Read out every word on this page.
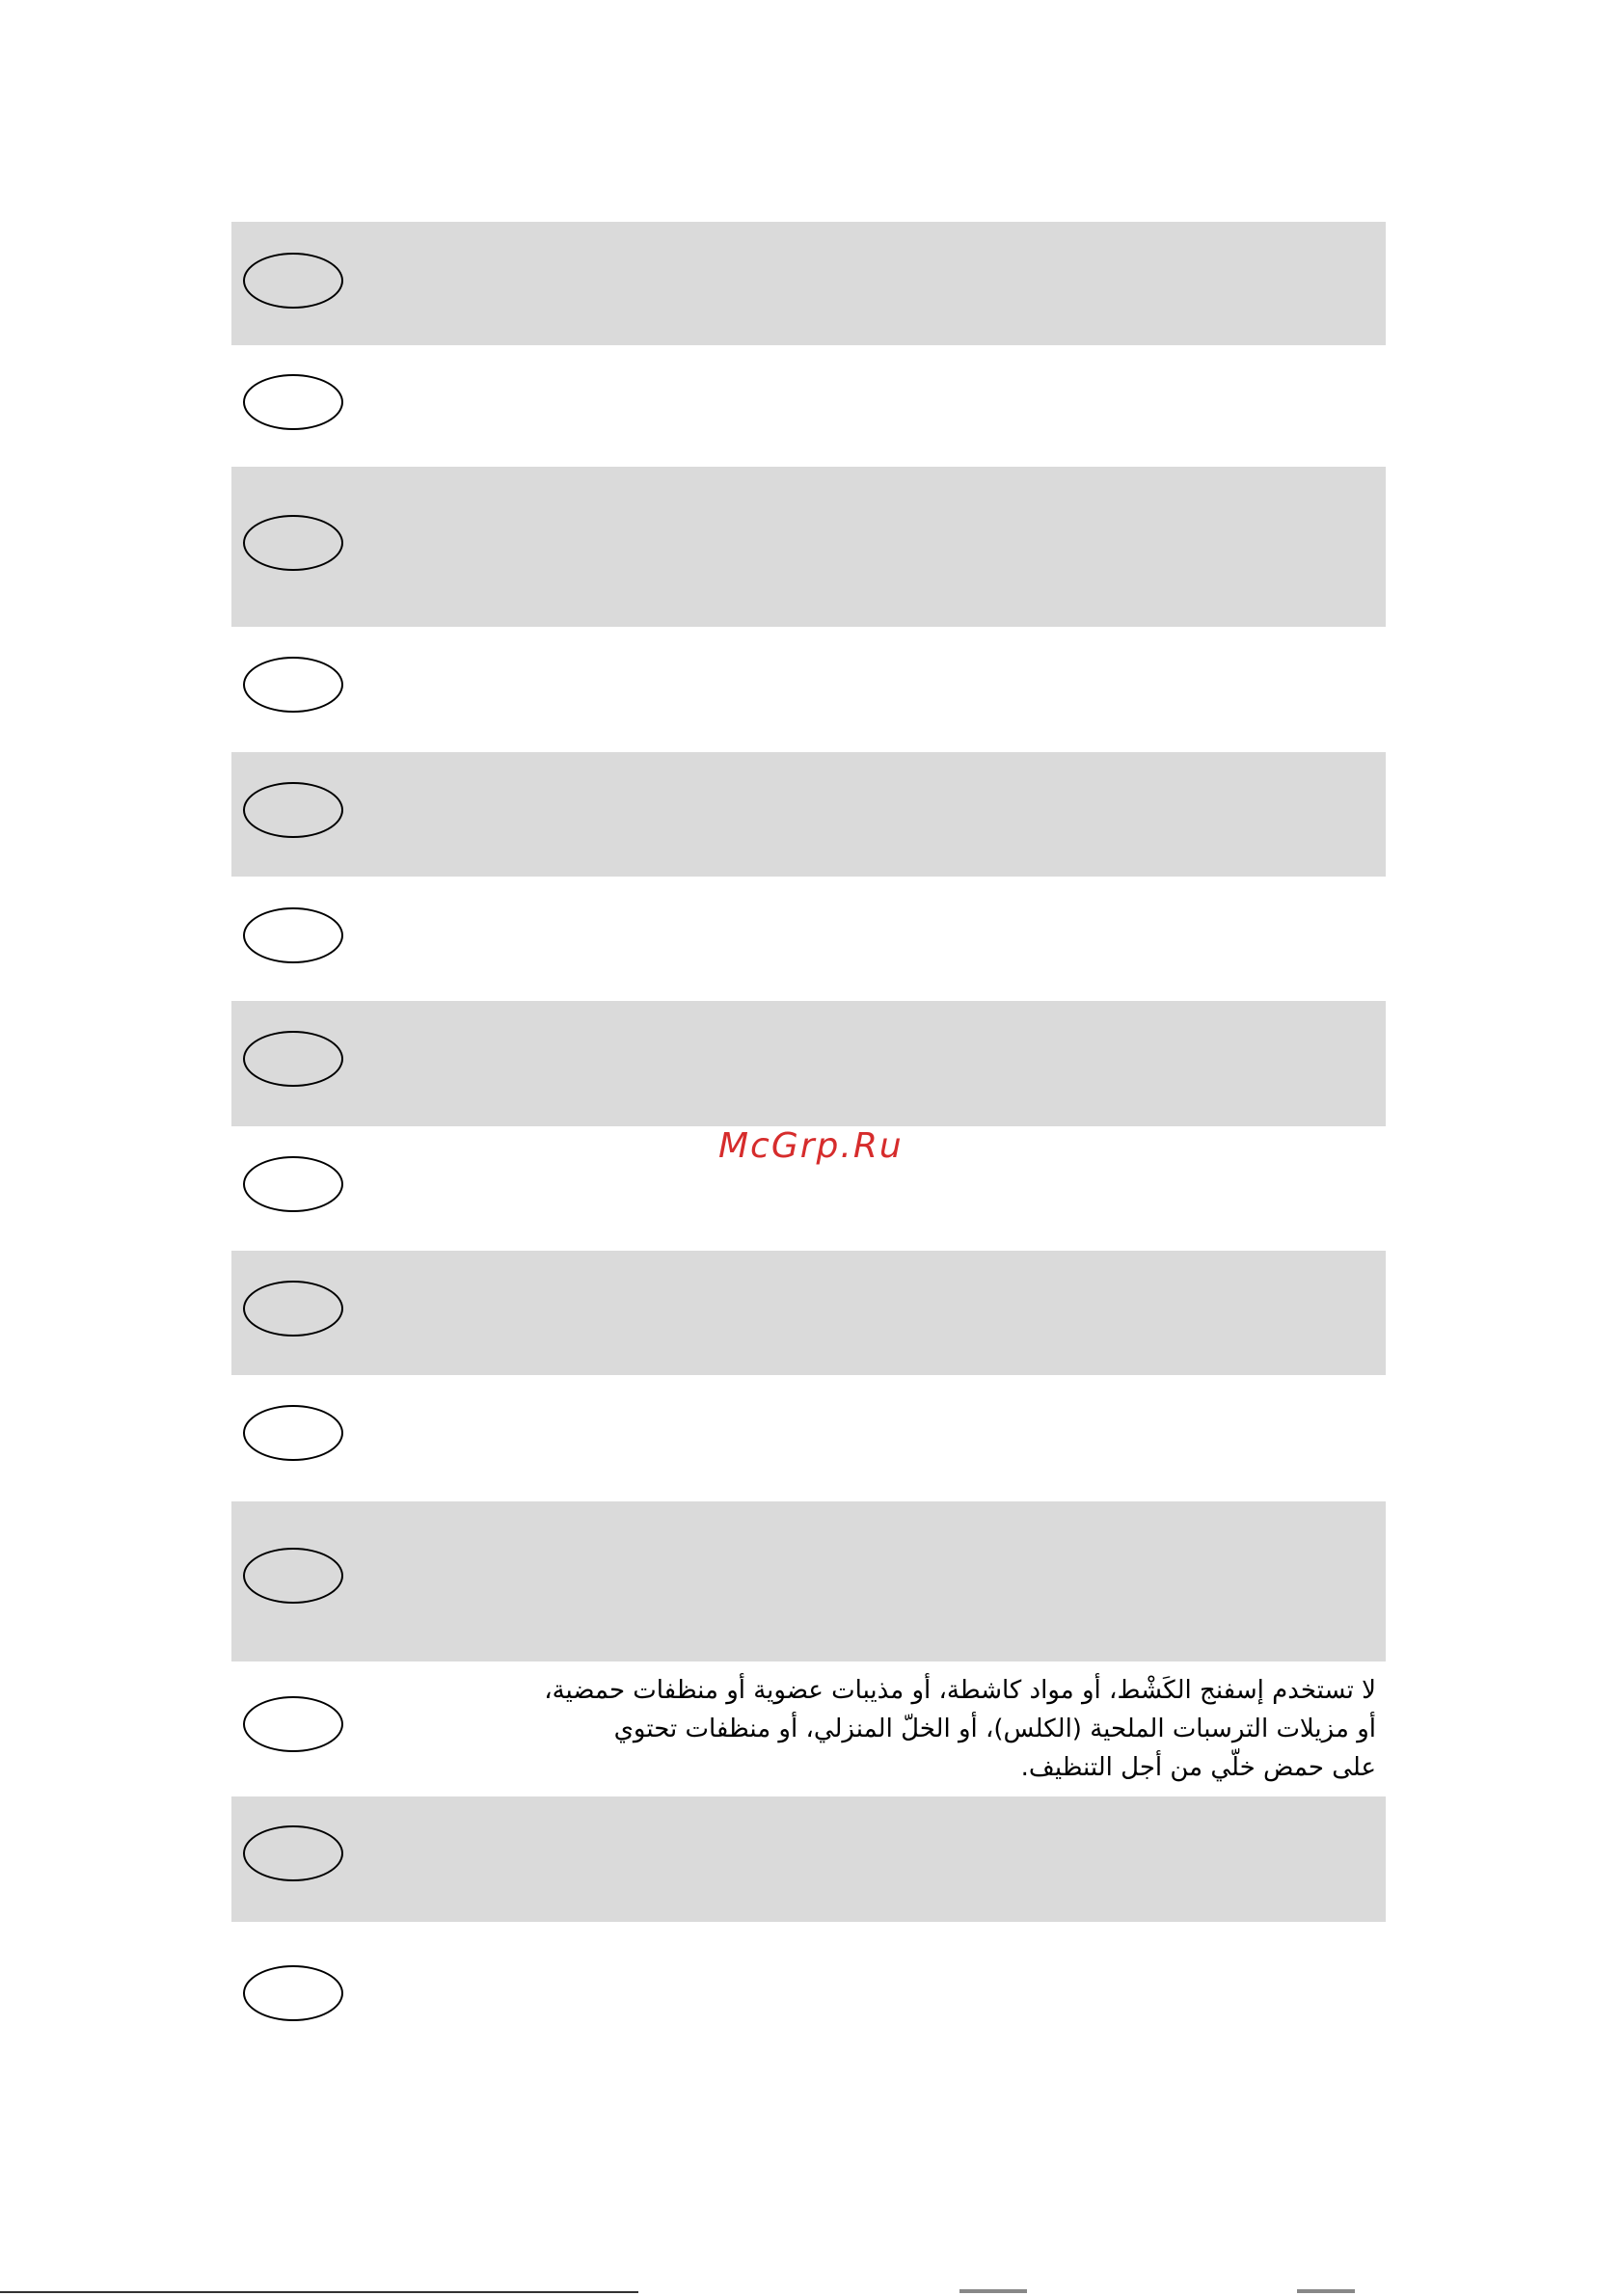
لا تستخدم إسفنج الكَشْط، أو مواد كاشطة، أو مذيبات عضوية أو منظفات حمضية،
أو مزيلات الترسبات الملحية (الكلس)، أو الخلّ المنزلي، أو منظفات تحتوي
على حمض خلّي من أجل التنظيف.
McGrp.Ru
